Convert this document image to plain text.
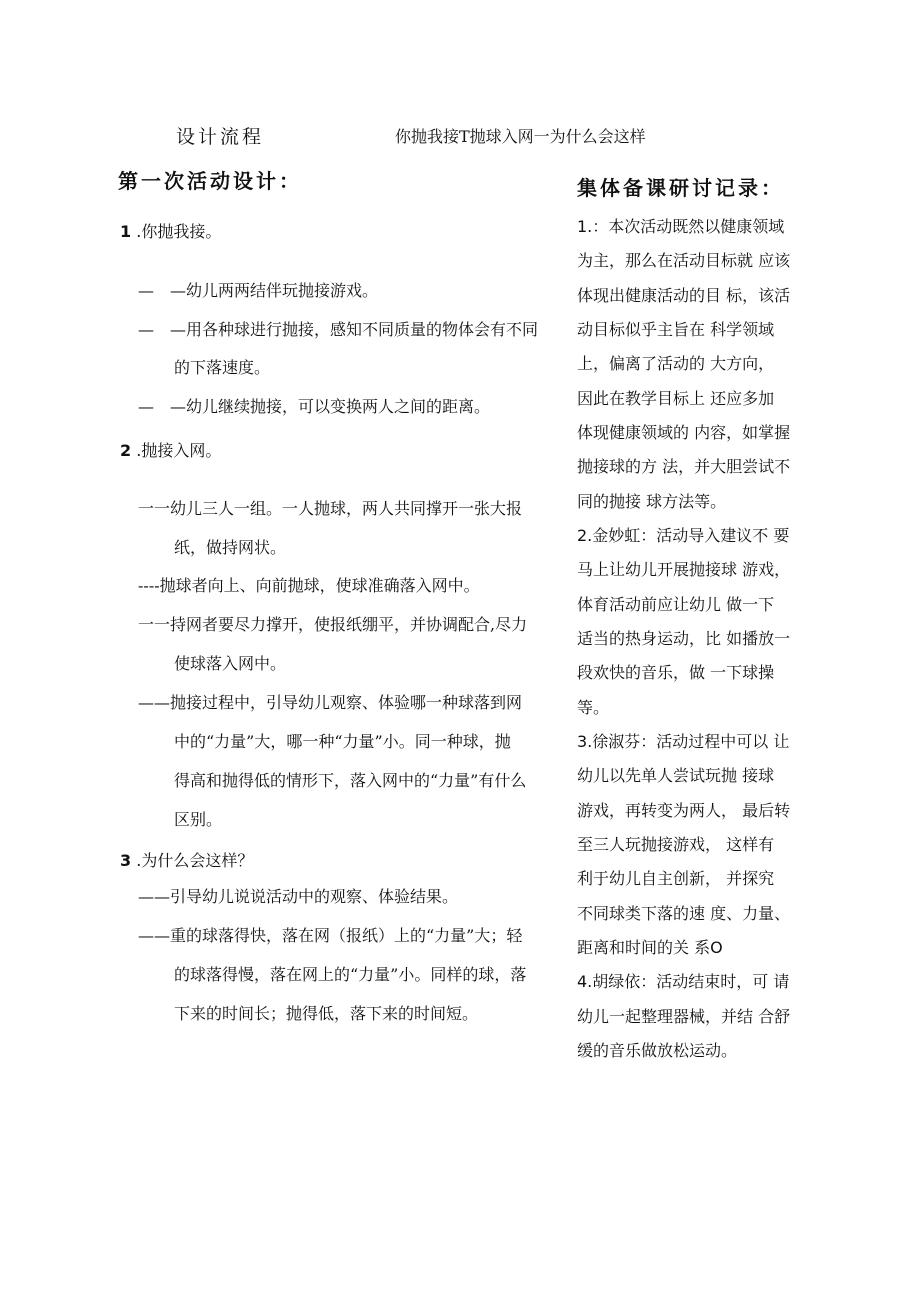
设计流程	你抛我接T抛球入网一为什么会这样
第一次活动设计：
1 .你抛我接。
—　—幼儿两两结伴玩抛接游戏。
—　—用各种球进行抛接，感知不同质量的物体会有不同
的下落速度。
—　—幼儿继续抛接，可以变换两人之间的距离。
2 .抛接入网。
一一幼儿三人一组。一人抛球，两人共同撑开一张大报
纸，做持网状。
----抛球者向上、向前抛球，使球准确落入网中。
一一持网者要尽力撑开，使报纸绷平，并协调配合,尽力
使球落入网中。
——抛接过程中，引导幼儿观察、体验哪一种球落到网
中的“力量”大，哪一种“力量”小。同一种球，抛
得高和抛得低的情形下，落入网中的“力量”有什么
区别。
3 .为什么会这样？
——引导幼儿说说活动中的观察、体验结果。
——重的球落得快，落在网（报纸）上的“力量”大；轻
的球落得慢，落在网上的“力量”小。同样的球，落
下来的时间长；抛得低，落下来的时间短。
集体备课研讨记录：
1.：本次活动既然以健康领域
为主，那么在活动目标就 应该
体现出健康活动的目 标，该活
动目标似乎主旨在 科学领域
上，偏离了活动的 大方向，
因此在教学目标上 还应多加
体现健康领域的 内容，如掌握
抛接球的方 法，并大胆尝试不
同的抛接 球方法等。
2.金妙虹：活动导入建议不 要
马上让幼儿开展抛接球 游戏，
体育活动前应让幼儿 做一下
适当的热身运动，比 如播放一
段欢快的音乐，做 一下球操
等。
3.徐淑芬：活动过程中可以 让
幼儿以先单人尝试玩抛 接球
游戏，再转变为两人， 最后转
至三人玩抛接游戏， 这样有
利于幼儿自主创新， 并探究
不同球类下落的速 度、力量、
距离和时间的关 系O
4.胡绿依：活动结束时，可 请
幼儿一起整理器械，并结 合舒
缓的音乐做放松运动。
